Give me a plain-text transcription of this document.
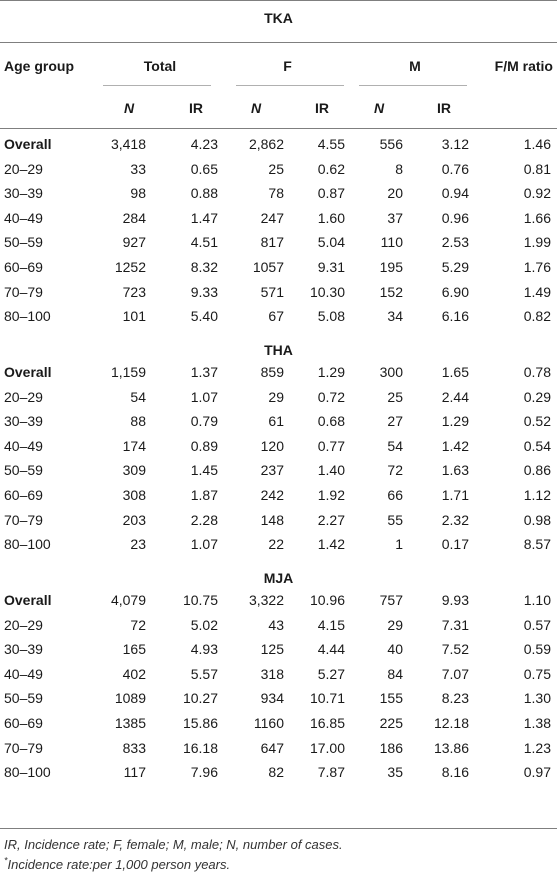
TKA
Age group	Total	F	M	F/M ratio
N	IR	N	IR	N	IR
Overall	3,418	4.23	2,862	4.55	556	3.12	1.46
20–29	33	0.65	25	0.62	8	0.76	0.81
30–39	98	0.88	78	0.87	20	0.94	0.92
40–49	284	1.47	247	1.60	37	0.96	1.66
50–59	927	4.51	817	5.04	110	2.53	1.99
60–69	1252	8.32	1057	9.31	195	5.29	1.76
70–79	723	9.33	571	10.30	152	6.90	1.49
80–100	101	5.40	67	5.08	34	6.16	0.82
THA
Overall	1,159	1.37	859	1.29	300	1.65	0.78
20–29	54	1.07	29	0.72	25	2.44	0.29
30–39	88	0.79	61	0.68	27	1.29	0.52
40–49	174	0.89	120	0.77	54	1.42	0.54
50–59	309	1.45	237	1.40	72	1.63	0.86
60–69	308	1.87	242	1.92	66	1.71	1.12
70–79	203	2.28	148	2.27	55	2.32	0.98
80–100	23	1.07	22	1.42	1	0.17	8.57
MJA
Overall	4,079	10.75	3,322	10.96	757	9.93	1.10
20–29	72	5.02	43	4.15	29	7.31	0.57
30–39	165	4.93	125	4.44	40	7.52	0.59
40–49	402	5.57	318	5.27	84	7.07	0.75
50–59	1089	10.27	934	10.71	155	8.23	1.30
60–69	1385	15.86	1160	16.85	225	12.18	1.38
70–79	833	16.18	647	17.00	186	13.86	1.23
80–100	117	7.96	82	7.87	35	8.16	0.97
IR, Incidence rate; F, female; M, male; N, number of cases.
*Incidence rate:per 1,000 person years.
